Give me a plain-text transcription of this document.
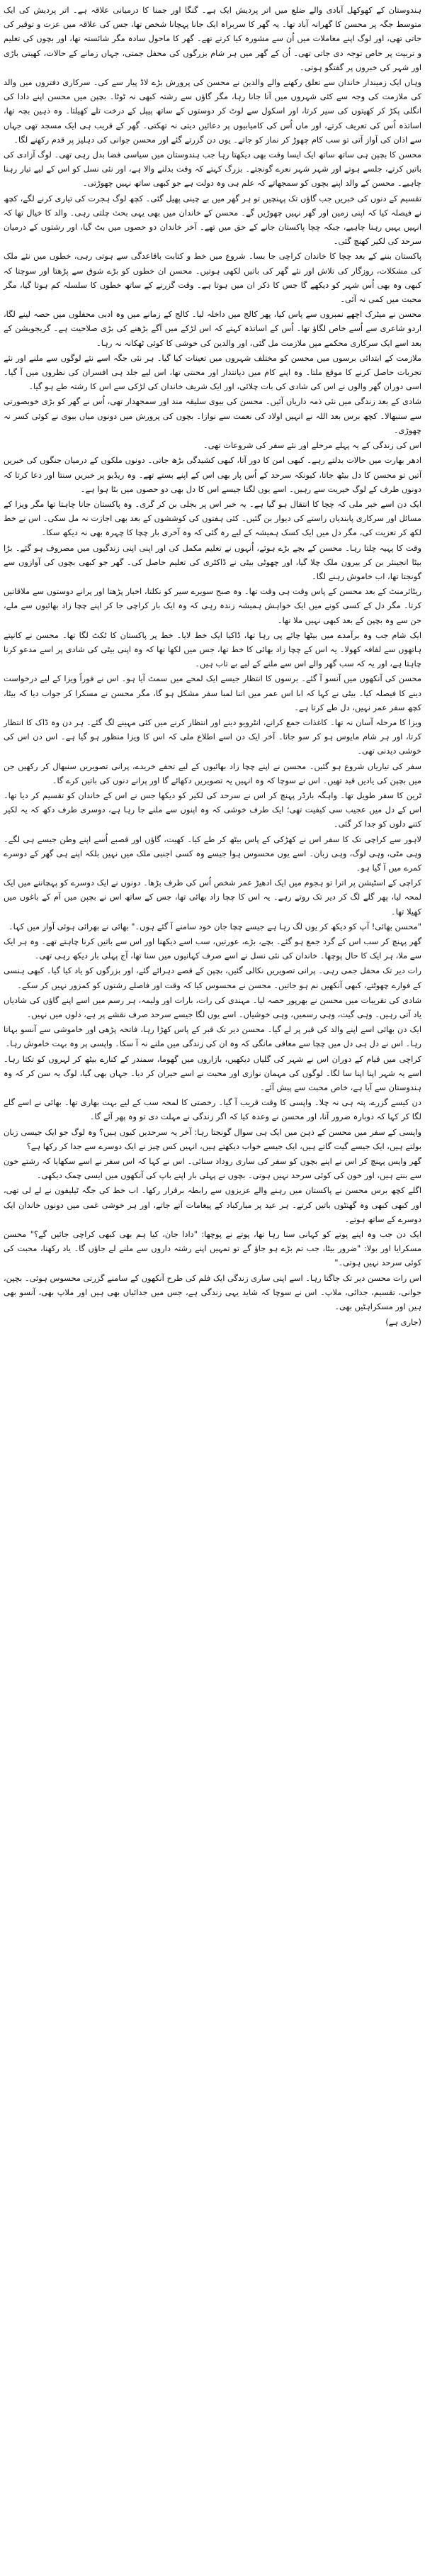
ہندوستان کے کھوکھل آبادی والے ضلع میں اتر پردیش ایک ہے۔ گنگا اور جمنا کا درمیانی علاقہ ہے۔ اتر پردیش کی ایک متوسط جگہ پر محسن کا گھرانہ آباد تھا۔ یہ گھر کا سربراہ ایک جانا پہچانا شخص تھا، جس کی علاقہ میں عزت و توقیر کی جاتی تھی، اور لوگ اپنے معاملات میں اُن سے مشورہ کیا کرتے تھے۔ گھر کا ماحول سادہ مگر شائستہ تھا، اور بچوں کی تعلیم و تربیت پر خاص توجہ دی جاتی تھی۔ اُن کے گھر میں ہر شام بزرگوں کی محفل جمتی، جہاں زمانے کے حالات، کھیتی باڑی اور شہر کی خبروں پر گفتگو ہوتی۔

وہاں ایک زمیندار خاندان سے تعلق رکھنے والے والدین نے محسن کی پرورش بڑے لاڈ پیار سے کی۔ سرکاری دفتروں میں والد کی ملازمت کی وجہ سے کئی شہروں میں آنا جانا رہا، مگر گاؤں سے رشتہ کبھی نہ ٹوٹا۔ بچپن میں محسن اپنے دادا کی انگلی پکڑ کر کھیتوں کی سیر کرتا، اور اسکول سے لوٹ کر دوستوں کے ساتھ پیپل کے درخت تلے کھیلتا۔ وہ ذہین بچہ تھا، اساتذہ اُس کی تعریف کرتے، اور ماں اُس کی کامیابیوں پر دعائیں دیتی نہ تھکتی۔ گھر کے قریب ہی ایک مسجد تھی جہاں سے اذان کی آواز آتی تو سب کام چھوڑ کر نماز کو جاتے۔ یوں دن گزرتے گئے اور محسن جوانی کی دہلیز پر قدم رکھنے لگا۔

محسن کا بچپن ہی ساتھ ساتھ ایک ایسا وقت بھی دیکھتا رہا جب ہندوستان میں سیاسی فضا بدل رہی تھی۔ لوگ آزادی کی باتیں کرتے، جلسے ہوتے اور شہر شہر نعرے گونجتے۔ بزرگ کہتے کہ وقت بدلنے والا ہے، اور نئی نسل کو اس کے لیے تیار رہنا چاہیے۔ محسن کے والد اپنے بچوں کو سمجھاتے کہ علم ہی وہ دولت ہے جو کبھی ساتھ نہیں چھوڑتی۔

تقسیم کے دنوں کی خبریں جب گاؤں تک پہنچیں تو ہر گھر میں بے چینی پھیل گئی۔ کچھ لوگ ہجرت کی تیاری کرنے لگے، کچھ نے فیصلہ کیا کہ اپنی زمین اور گھر نہیں چھوڑیں گے۔ محسن کے خاندان میں بھی یہی بحث چلتی رہی۔ والد کا خیال تھا کہ انہیں یہیں رہنا چاہیے، جبکہ چچا پاکستان جانے کے حق میں تھے۔ آخر خاندان دو حصوں میں بٹ گیا، اور رشتوں کے درمیان سرحد کی لکیر کھنچ گئی۔

پاکستان بننے کے بعد چچا کا خاندان کراچی جا بسا۔ شروع میں خط و کتابت باقاعدگی سے ہوتی رہی، خطوں میں نئے ملک کی مشکلات، روزگار کی تلاش اور نئے گھر کی باتیں لکھی ہوتیں۔ محسن ان خطوں کو بڑے شوق سے پڑھتا اور سوچتا کہ کبھی وہ بھی اُس شہر کو دیکھے گا جس کا ذکر ان میں ہوتا ہے۔ وقت گزرنے کے ساتھ خطوں کا سلسلہ کم ہوتا گیا، مگر محبت میں کمی نہ آئی۔

محسن نے میٹرک اچھے نمبروں سے پاس کیا، پھر کالج میں داخلہ لیا۔ کالج کے زمانے میں وہ ادبی محفلوں میں حصہ لینے لگا، اردو شاعری سے اُسے خاص لگاؤ تھا۔ اُس کے اساتذہ کہتے کہ اس لڑکے میں آگے بڑھنے کی بڑی صلاحیت ہے۔ گریجویشن کے بعد اسے ایک سرکاری محکمے میں ملازمت مل گئی، اور والدین کی خوشی کا کوئی ٹھکانہ نہ رہا۔

ملازمت کے ابتدائی برسوں میں محسن کو مختلف شہروں میں تعینات کیا گیا۔ ہر نئی جگہ اسے نئے لوگوں سے ملنے اور نئے تجربات حاصل کرنے کا موقع ملتا۔ وہ اپنے کام میں دیانتدار اور محنتی تھا، اس لیے جلد ہی افسران کی نظروں میں آ گیا۔ اسی دوران گھر والوں نے اس کی شادی کی بات چلائی، اور ایک شریف خاندان کی لڑکی سے اس کا رشتہ طے ہو گیا۔

شادی کے بعد زندگی میں نئی ذمہ داریاں آئیں۔ محسن کی بیوی سلیقہ مند اور سمجھدار تھی، اُس نے گھر کو بڑی خوبصورتی سے سنبھالا۔ کچھ برس بعد اللہ نے انہیں اولاد کی نعمت سے نوازا۔ بچوں کی پرورش میں دونوں میاں بیوی نے کوئی کسر نہ چھوڑی۔

اس کی زندگی کے یہ پہلے مرحلے اور نئے سفر کی شروعات تھی۔

ادھر بھارت میں حالات بدلتے رہے۔ کبھی امن کا دور آتا، کبھی کشیدگی بڑھ جاتی۔ دونوں ملکوں کے درمیان جنگوں کی خبریں آتیں تو محسن کا دل بیٹھ جاتا، کیونکہ سرحد کے اُس پار بھی اس کے اپنے بستے تھے۔ وہ ریڈیو پر خبریں سنتا اور دعا کرتا کہ دونوں طرف کے لوگ خیریت سے رہیں۔ اسے یوں لگتا جیسے اس کا دل بھی دو حصوں میں بٹا ہوا ہے۔

ایک دن اسے خبر ملی کہ چچا کا انتقال ہو گیا ہے۔ یہ خبر اس پر بجلی بن کر گری۔ وہ پاکستان جانا چاہتا تھا مگر ویزا کے مسائل اور سرکاری پابندیاں راستے کی دیوار بن گئیں۔ کئی ہفتوں کی کوششوں کے بعد بھی اجازت نہ مل سکی۔ اس نے خط لکھ کر تعزیت کی، مگر دل میں ایک کسک ہمیشہ کے لیے رہ گئی کہ وہ آخری بار چچا کا چہرہ بھی نہ دیکھ سکا۔

وقت کا پہیہ چلتا رہا۔ محسن کے بچے بڑے ہوئے، اُنہوں نے تعلیم مکمل کی اور اپنی اپنی زندگیوں میں مصروف ہو گئے۔ بڑا بیٹا انجینئر بن کر بیرون ملک چلا گیا، اور چھوٹی بیٹی نے ڈاکٹری کی تعلیم حاصل کی۔ گھر جو کبھی بچوں کی آوازوں سے گونجتا تھا، اب خاموش رہنے لگا۔

ریٹائرمنٹ کے بعد محسن کے پاس وقت ہی وقت تھا۔ وہ صبح سویرے سیر کو نکلتا، اخبار پڑھتا اور پرانے دوستوں سے ملاقاتیں کرتا۔ مگر دل کے کسی کونے میں ایک خواہش ہمیشہ زندہ رہی کہ وہ ایک بار کراچی جا کر اپنے چچا زاد بھائیوں سے ملے، جن سے وہ بچپن کے بعد کبھی نہیں ملا تھا۔

ایک شام جب وہ برآمدے میں بیٹھا چائے پی رہا تھا، ڈاکیا ایک خط لایا۔ خط پر پاکستان کا ٹکٹ لگا تھا۔ محسن نے کانپتے ہاتھوں سے لفافہ کھولا۔ یہ اس کے چچا زاد بھائی کا خط تھا، جس میں لکھا تھا کہ وہ اپنی بیٹی کی شادی پر اسے مدعو کرنا چاہتا ہے، اور یہ کہ سب گھر والے اس سے ملنے کے لیے بے تاب ہیں۔

محسن کی آنکھوں میں آنسو آ گئے۔ برسوں کا انتظار جیسے ایک لمحے میں سمٹ آیا ہو۔ اس نے فوراً ویزا کے لیے درخواست دینے کا فیصلہ کیا۔ بیٹی نے کہا کہ ابا اس عمر میں اتنا لمبا سفر مشکل ہو گا، مگر محسن نے مسکرا کر جواب دیا کہ بیٹا، کچھ سفر عمر نہیں، دل طے کرتا ہے۔

ویزا کا مرحلہ آسان نہ تھا۔ کاغذات جمع کرانے، انٹرویو دینے اور انتظار کرنے میں کئی مہینے لگ گئے۔ ہر دن وہ ڈاک کا انتظار کرتا، اور ہر شام مایوس ہو کر سو جاتا۔ آخر ایک دن اسے اطلاع ملی کہ اس کا ویزا منظور ہو گیا ہے۔ اس دن اس کی خوشی دیدنی تھی۔

سفر کی تیاریاں شروع ہو گئیں۔ محسن نے اپنے چچا زاد بھائیوں کے لیے تحفے خریدے، پرانی تصویریں سنبھال کر رکھیں جن میں بچپن کی یادیں قید تھیں۔ اس نے سوچا کہ وہ انہیں یہ تصویریں دکھائے گا اور پرانے دنوں کی باتیں کرے گا۔

ٹرین کا سفر طویل تھا۔ واہگہ بارڈر پہنچ کر اس نے سرحد کی لکیر کو دیکھا جس نے اس کے خاندان کو تقسیم کر دیا تھا۔ اس کے دل میں عجیب سی کیفیت تھی؛ ایک طرف خوشی کہ وہ اپنوں سے ملنے جا رہا ہے، دوسری طرف دکھ کہ یہ لکیر کتنے دلوں کو جدا کر گئی۔

لاہور سے کراچی تک کا سفر اس نے کھڑکی کے پاس بیٹھ کر طے کیا۔ کھیت، گاؤں اور قصبے اُسے اپنے وطن جیسے ہی لگے۔ وہی مٹی، وہی لوگ، وہی زبان۔ اسے یوں محسوس ہوا جیسے وہ کسی اجنبی ملک میں نہیں بلکہ اپنے ہی گھر کے دوسرے کمرے میں آ گیا ہو۔

کراچی کے اسٹیشن پر اترا تو ہجوم میں ایک ادھیڑ عمر شخص اُس کی طرف بڑھا۔ دونوں نے ایک دوسرے کو پہچاننے میں ایک لمحہ لیا، پھر گلے لگ کر دیر تک روتے رہے۔ یہ اس کا چچا زاد بھائی تھا، جس کے ساتھ اس نے بچپن میں آم کے باغوں میں کھیلا تھا۔

"محسن بھائی! آپ کو دیکھ کر یوں لگ رہا ہے جیسے چچا جان خود سامنے آ گئے ہوں۔" بھائی نے بھرائی ہوئی آواز میں کہا۔

گھر پہنچ کر سب اس کے گرد جمع ہو گئے۔ بچے، بڑے، عورتیں، سب اسے دیکھنا اور اس سے باتیں کرنا چاہتے تھے۔ وہ ہر ایک سے ملا، ہر ایک کا حال پوچھا۔ خاندان کی نئی نسل نے اسے صرف کہانیوں میں سنا تھا، آج پہلی بار دیکھ رہی تھی۔

رات دیر تک محفل جمی رہی۔ پرانی تصویریں نکالی گئیں، بچپن کے قصے دہرائے گئے، اور بزرگوں کو یاد کیا گیا۔ کبھی ہنسی کے فوارے چھوٹتے، کبھی آنکھیں نم ہو جاتیں۔ محسن نے محسوس کیا کہ وقت اور فاصلے رشتوں کو کمزور نہیں کر سکے۔

شادی کی تقریبات میں محسن نے بھرپور حصہ لیا۔ مہندی کی رات، بارات اور ولیمہ، ہر رسم میں اسے اپنے گاؤں کی شادیاں یاد آتی رہیں۔ وہی گیت، وہی رسمیں، وہی خوشیاں۔ اسے یوں لگا جیسے سرحد صرف نقشے پر ہے، دلوں میں نہیں۔

ایک دن بھائی اسے اپنے والد کی قبر پر لے گیا۔ محسن دیر تک قبر کے پاس کھڑا رہا، فاتحہ پڑھی اور خاموشی سے آنسو بہاتا رہا۔ اس نے دل ہی دل میں چچا سے معافی مانگی کہ وہ ان کی زندگی میں ملنے نہ آ سکا۔ واپسی پر وہ بہت خاموش رہا۔

کراچی میں قیام کے دوران اس نے شہر کی گلیاں دیکھیں، بازاروں میں گھوما، سمندر کے کنارے بیٹھ کر لہروں کو تکتا رہا۔ اسے یہ شہر اپنا اپنا سا لگا۔ لوگوں کی مہمان نوازی اور محبت نے اسے حیران کر دیا۔ جہاں بھی گیا، لوگ یہ سن کر کہ وہ ہندوستان سے آیا ہے، خاص محبت سے پیش آئے۔

دن کیسے گزرے، پتہ ہی نہ چلا۔ واپسی کا وقت قریب آ گیا۔ رخصتی کا لمحہ سب کے لیے بہت بھاری تھا۔ بھائی نے اسے گلے لگا کر کہا کہ دوبارہ ضرور آنا، اور محسن نے وعدہ کیا کہ اگر زندگی نے مہلت دی تو وہ پھر آئے گا۔

واپسی کے سفر میں محسن کے ذہن میں ایک ہی سوال گونجتا رہا: آخر یہ سرحدیں کیوں ہیں؟ وہ لوگ جو ایک جیسی زبان بولتے ہیں، ایک جیسے گیت گاتے ہیں، ایک جیسے خواب دیکھتے ہیں، انہیں کس چیز نے ایک دوسرے سے جدا کر رکھا ہے؟

گھر واپس پہنچ کر اس نے اپنے بچوں کو سفر کی ساری روداد سنائی۔ اس نے کہا کہ اس سفر نے اسے سکھایا کہ رشتے خون سے بنتے ہیں، اور خون کی کوئی سرحد نہیں ہوتی۔ بچوں نے پہلی بار اپنے باپ کی آنکھوں میں ایسی چمک دیکھی۔

اگلے کچھ برس محسن نے پاکستان میں رہنے والے عزیزوں سے رابطہ برقرار رکھا۔ اب خط کی جگہ ٹیلیفون نے لے لی تھی، اور کبھی کبھی وہ گھنٹوں باتیں کرتے۔ ہر عید پر مبارکباد کے پیغامات آتے جاتے، اور ہر خوشی غمی میں دونوں خاندان ایک دوسرے کے ساتھ ہوتے۔

ایک دن جب وہ اپنے پوتے کو کہانی سنا رہا تھا، پوتے نے پوچھا: "دادا جان، کیا ہم بھی کبھی کراچی جائیں گے؟" محسن مسکرایا اور بولا: "ضرور بیٹا، جب تم بڑے ہو جاؤ گے تو تمہیں اپنے رشتہ داروں سے ملنے لے جاؤں گا۔ یاد رکھنا، محبت کی کوئی سرحد نہیں ہوتی۔"

اس رات محسن دیر تک جاگتا رہا۔ اسے اپنی ساری زندگی ایک فلم کی طرح آنکھوں کے سامنے گزرتی محسوس ہوئی۔ بچپن، جوانی، تقسیم، جدائی، ملاپ۔ اس نے سوچا کہ شاید یہی زندگی ہے، جس میں جدائیاں بھی ہیں اور ملاپ بھی، آنسو بھی ہیں اور مسکراہٹیں بھی۔

(جاری ہے)
